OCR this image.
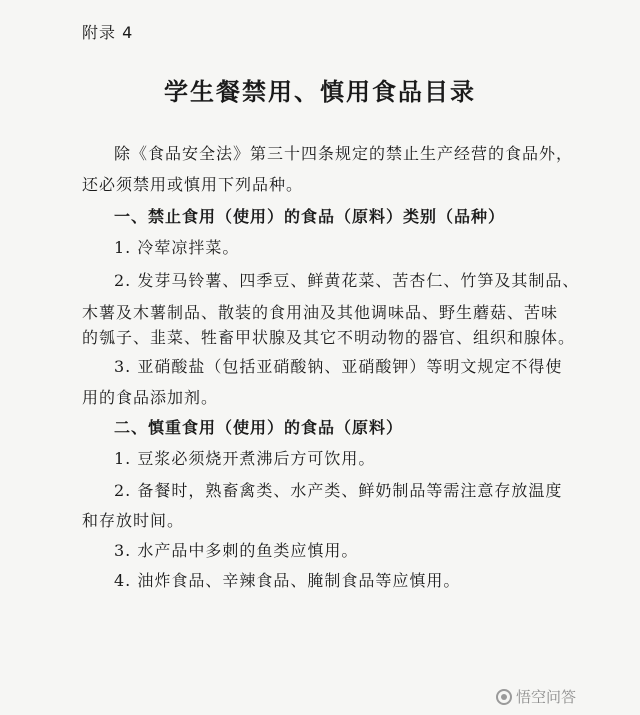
附录 4
学生餐禁用、慎用食品目录
除《食品安全法》第三十四条规定的禁止生产经营的食品外，
还必须禁用或慎用下列品种。
一、禁止食用（使用）的食品（原料）类别（品种）
1. 冷荤凉拌菜。
2. 发芽马铃薯、四季豆、鲜黄花菜、苦杏仁、竹笋及其制品、
木薯及木薯制品、散装的食用油及其他调味品、野生蘑菇、苦味
的瓠子、韭菜、牲畜甲状腺及其它不明动物的器官、组织和腺体。
3. 亚硝酸盐（包括亚硝酸钠、亚硝酸钾）等明文规定不得使
用的食品添加剂。
二、慎重食用（使用）的食品（原料）
1. 豆浆必须烧开煮沸后方可饮用。
2. 备餐时，熟畜禽类、水产类、鲜奶制品等需注意存放温度
和存放时间。
3. 水产品中多刺的鱼类应慎用。
4. 油炸食品、辛辣食品、腌制食品等应慎用。
悟空问答
